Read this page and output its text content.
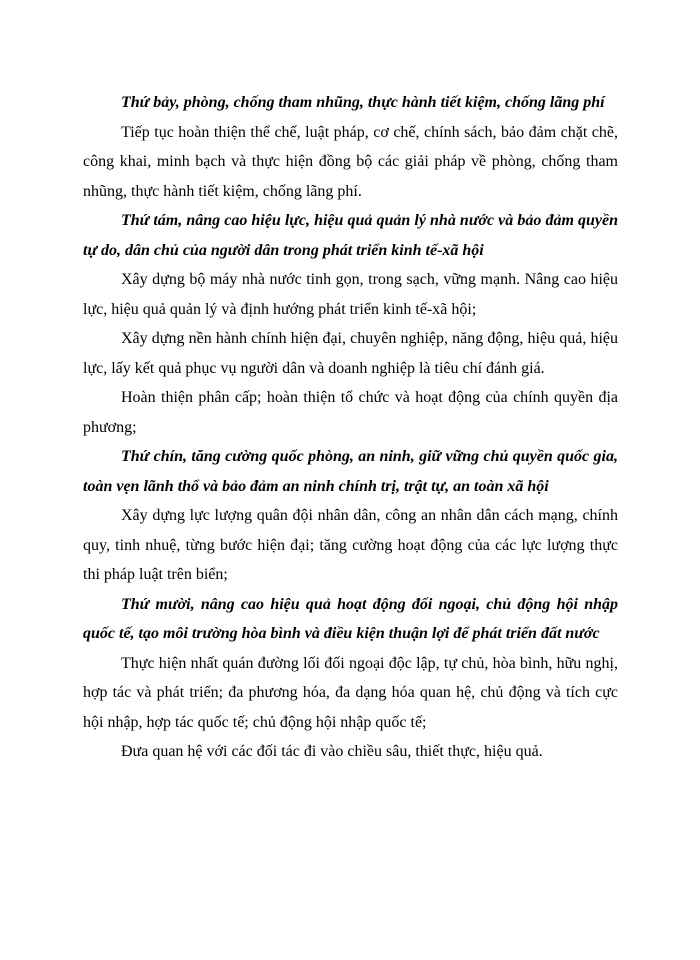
Thứ bảy, phòng, chống tham nhũng, thực hành tiết kiệm, chống lãng phí

Tiếp tục hoàn thiện thể chế, luật pháp, cơ chế, chính sách, bảo đảm chặt chẽ, công khai, minh bạch và thực hiện đồng bộ các giải pháp về phòng, chống tham nhũng, thực hành tiết kiệm, chống lãng phí.

Thứ tám, nâng cao hiệu lực, hiệu quả quản lý nhà nước và bảo đảm quyền tự do, dân chủ của người dân trong phát triển kinh tế-xã hội

Xây dựng bộ máy nhà nước tinh gọn, trong sạch, vững mạnh. Nâng cao hiệu lực, hiệu quả quản lý và định hướng phát triển kinh tế-xã hội;

Xây dựng nền hành chính hiện đại, chuyên nghiệp, năng động, hiệu quả, hiệu lực, lấy kết quả phục vụ người dân và doanh nghiệp là tiêu chí đánh giá.

Hoàn thiện phân cấp; hoàn thiện tổ chức và hoạt động của chính quyền địa phương;

Thứ chín, tăng cường quốc phòng, an ninh, giữ vững chủ quyền quốc gia, toàn vẹn lãnh thổ và bảo đảm an ninh chính trị, trật tự, an toàn xã hội

Xây dựng lực lượng quân đội nhân dân, công an nhân dân cách mạng, chính quy, tinh nhuệ, từng bước hiện đại; tăng cường hoạt động của các lực lượng thực thi pháp luật trên biển;

Thứ mười, nâng cao hiệu quả hoạt động đối ngoại, chủ động hội nhập quốc tế, tạo môi trường hòa bình và điều kiện thuận lợi để phát triển đất nước

Thực hiện nhất quán đường lối đối ngoại độc lập, tự chủ, hòa bình, hữu nghị, hợp tác và phát triển; đa phương hóa, đa dạng hóa quan hệ, chủ động và tích cực hội nhập, hợp tác quốc tế; chủ động hội nhập quốc tế;

Đưa quan hệ với các đối tác đi vào chiều sâu, thiết thực, hiệu quả.
